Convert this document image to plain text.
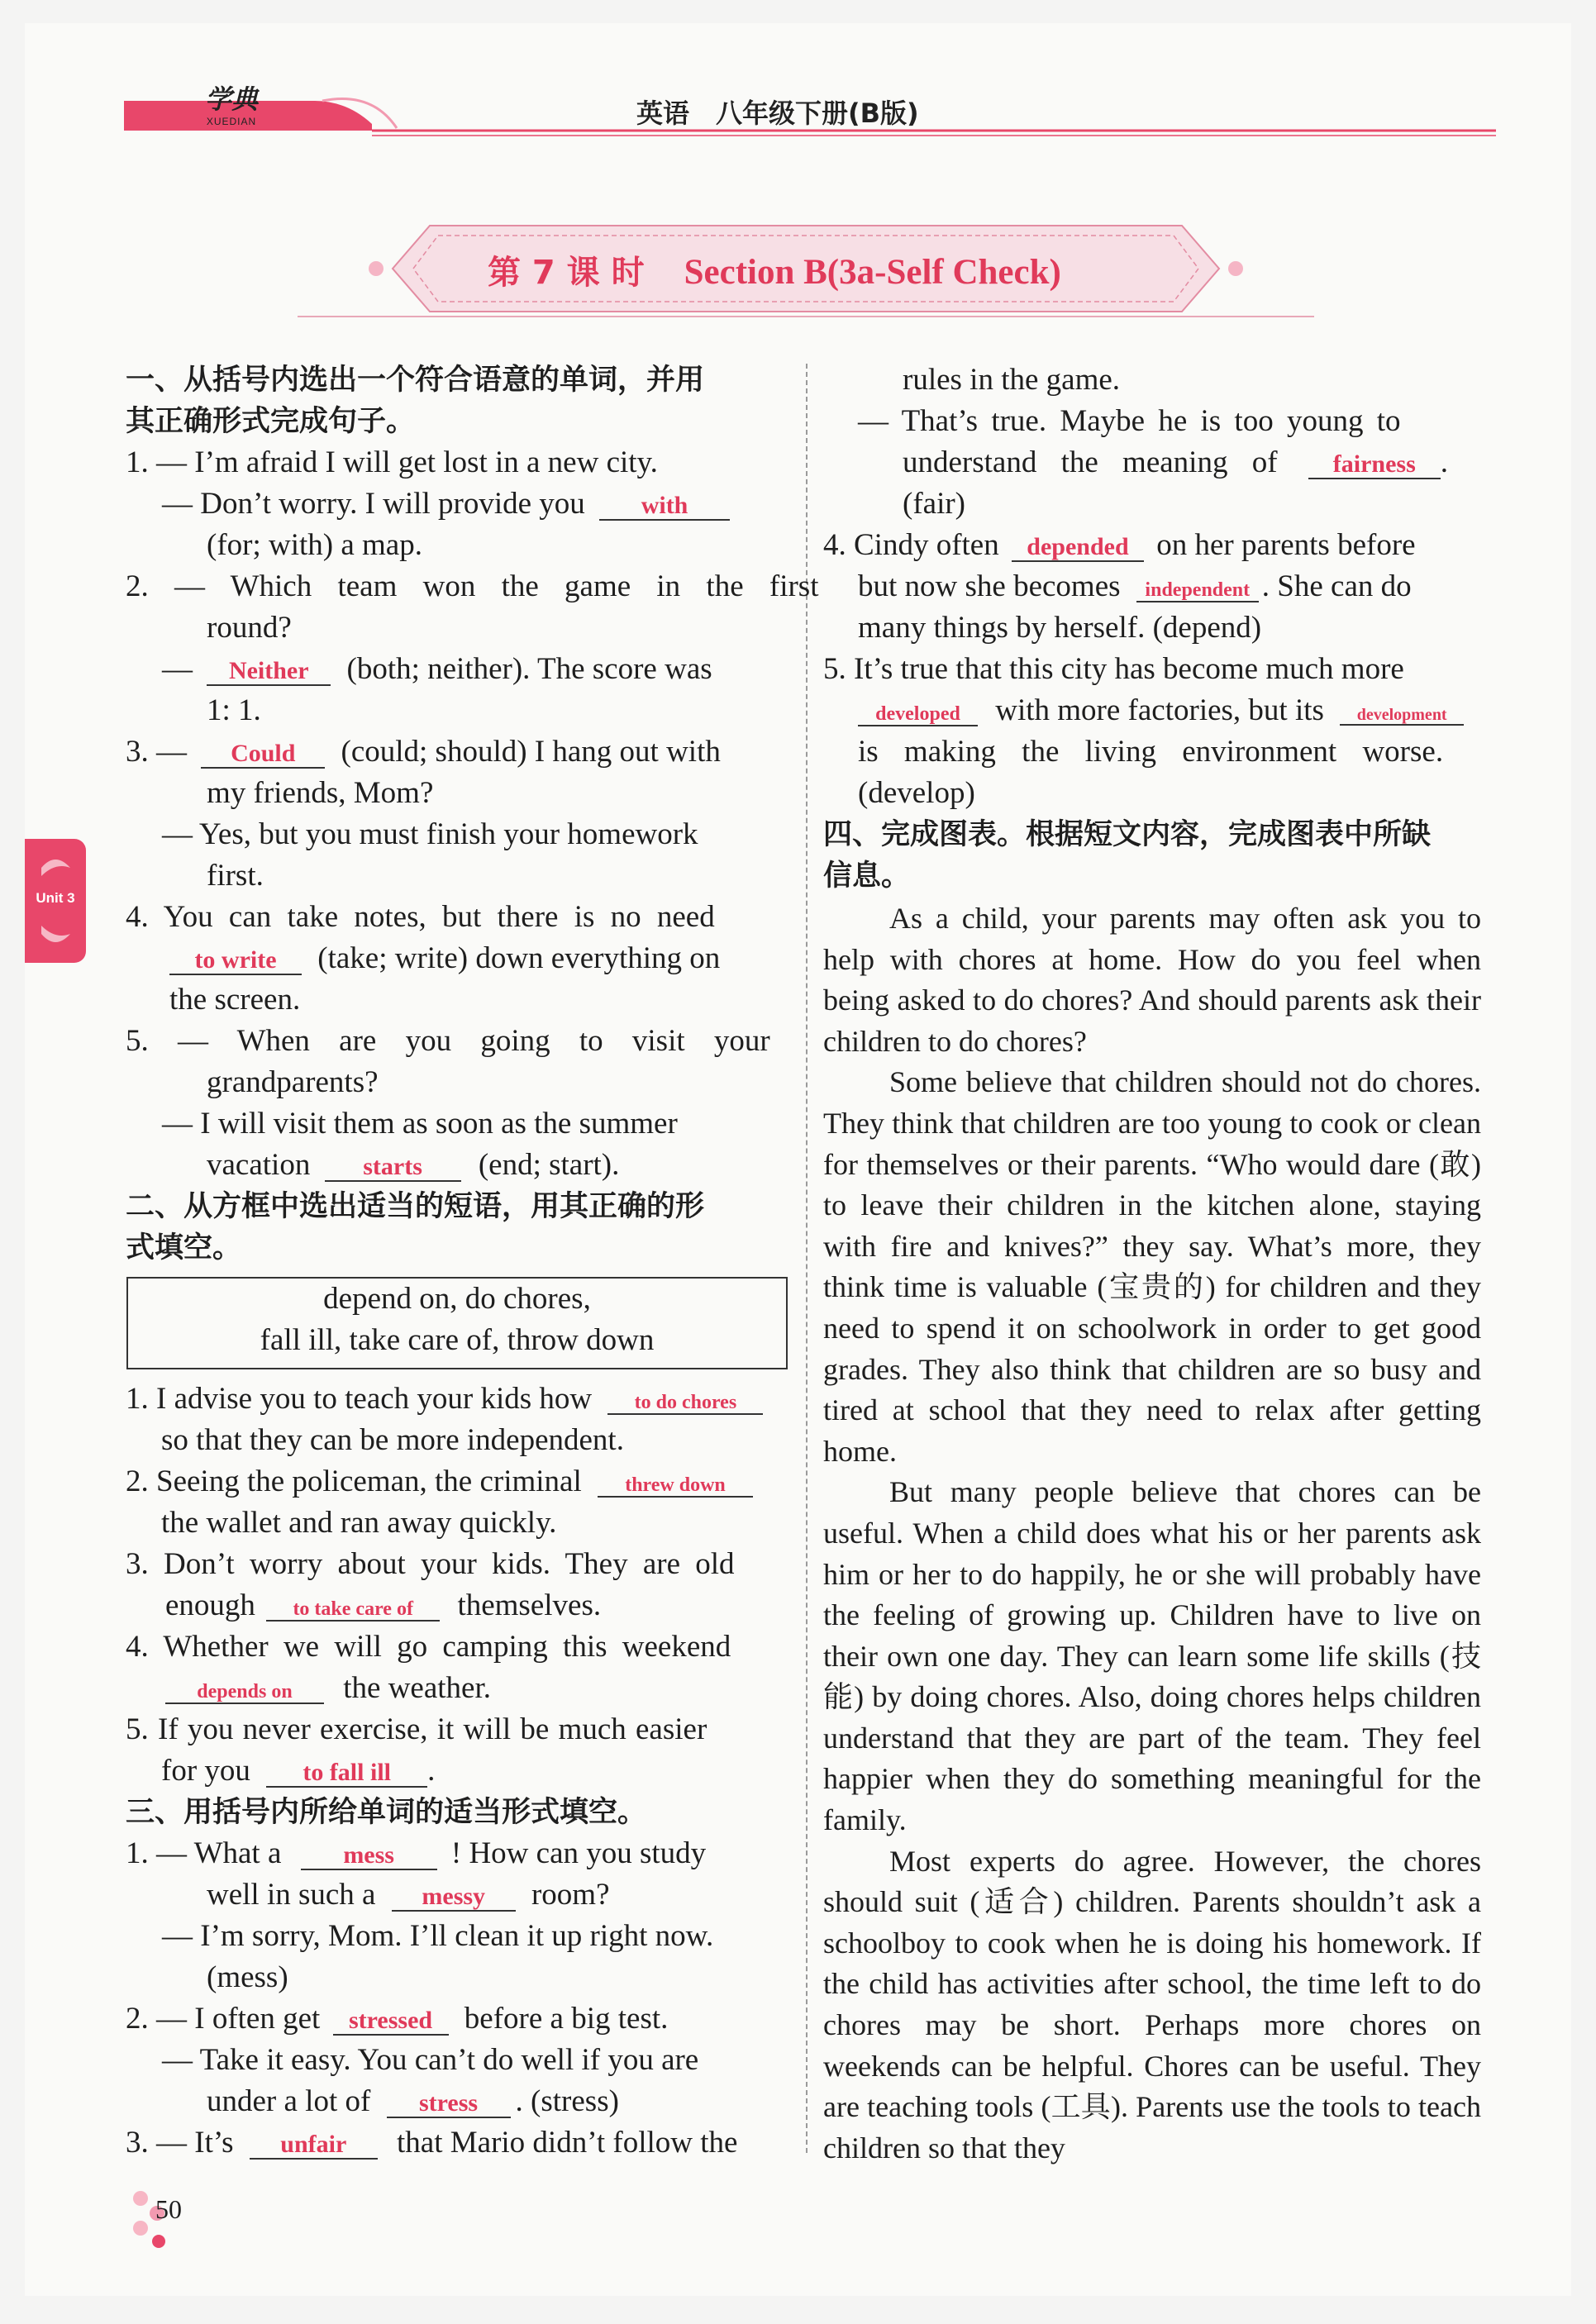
学典
XUEDIAN	英语　八年级下册(B版)
第 7 课 时 Section B(3a-Self Check)
Unit 3
一、从括号内选出一个符合语意的单词，并用
其正确形式完成句子。
1. — I’m afraid I will get lost in a new city.
— Don’t worry. I will provide you with
(for; with) a map.
2. — Which team won the game in the first
round?
— Neither (both; neither). The score was
1: 1.
3. — Could (could; should) I hang out with
my friends, Mom?
— Yes, but you must finish your homework
first.
4. You can take notes, but there is no need
to write (take; write) down everything on
the screen.
5. — When are you going to visit your
grandparents?
— I will visit them as soon as the summer
vacation starts (end; start).
二、从方框中选出适当的短语，用其正确的形
式填空。
depend on, do chores,
fall ill, take care of, throw down
1. I advise you to teach your kids how to do chores
so that they can be more independent.
2. Seeing the policeman, the criminal threw down
the wallet and ran away quickly.
3. Don’t worry about your kids. They are old
enough to take care of themselves.
4. Whether we will go camping this weekend
depends on the weather.
5. If you never exercise, it will be much easier
for you to fall ill .
三、用括号内所给单词的适当形式填空。
1. — What a mess ! How can you study
well in such a messy room?
— I’m sorry, Mom. I’ll clean it up right now.
(mess)
2. — I often get stressed before a big test.
— Take it easy. You can’t do well if you are
under a lot of stress . (stress)
3. — It’s unfair that Mario didn’t follow the
rules in the game.
— That’s true. Maybe he is too young to
understand the meaning of fairness .
(fair)
4. Cindy often depended on her parents before
but now she becomes independent . She can do
many things by herself. (depend)
5. It’s true that this city has become much more
developed with more factories, but its development
is making the living environment worse.
(develop)
四、完成图表。根据短文内容，完成图表中所缺
信息。

As a child, your parents may often ask you to help with chores at home. How do you feel when being asked to do chores? And should parents ask their children to do chores?

Some believe that children should not do chores. They think that children are too young to cook or clean for themselves or their parents. “Who would dare (敢) to leave their children in the kitchen alone, staying with fire and knives?” they say. What’s more, they think time is valuable (宝贵的) for children and they need to spend it on schoolwork in order to get good grades. They also think that children are so busy and tired at school that they need to relax after getting home.

But many people believe that chores can be useful. When a child does what his or her parents ask him or her to do happily, he or she will probably have the feeling of growing up. Children have to live on their own one day. They can learn some life skills (技能) by doing chores. Also, doing chores helps children understand that they are part of the team. They feel happier when they do something meaningful for the family.

Most experts do agree. However, the chores should suit (适合) children. Parents shouldn’t ask a schoolboy to cook when he is doing his homework. If the child has activities after school, the time left to do chores may be short. Perhaps more chores on weekends can be helpful. Chores can be useful. They are teaching tools (工具). Parents use the tools to teach children so that they

50
